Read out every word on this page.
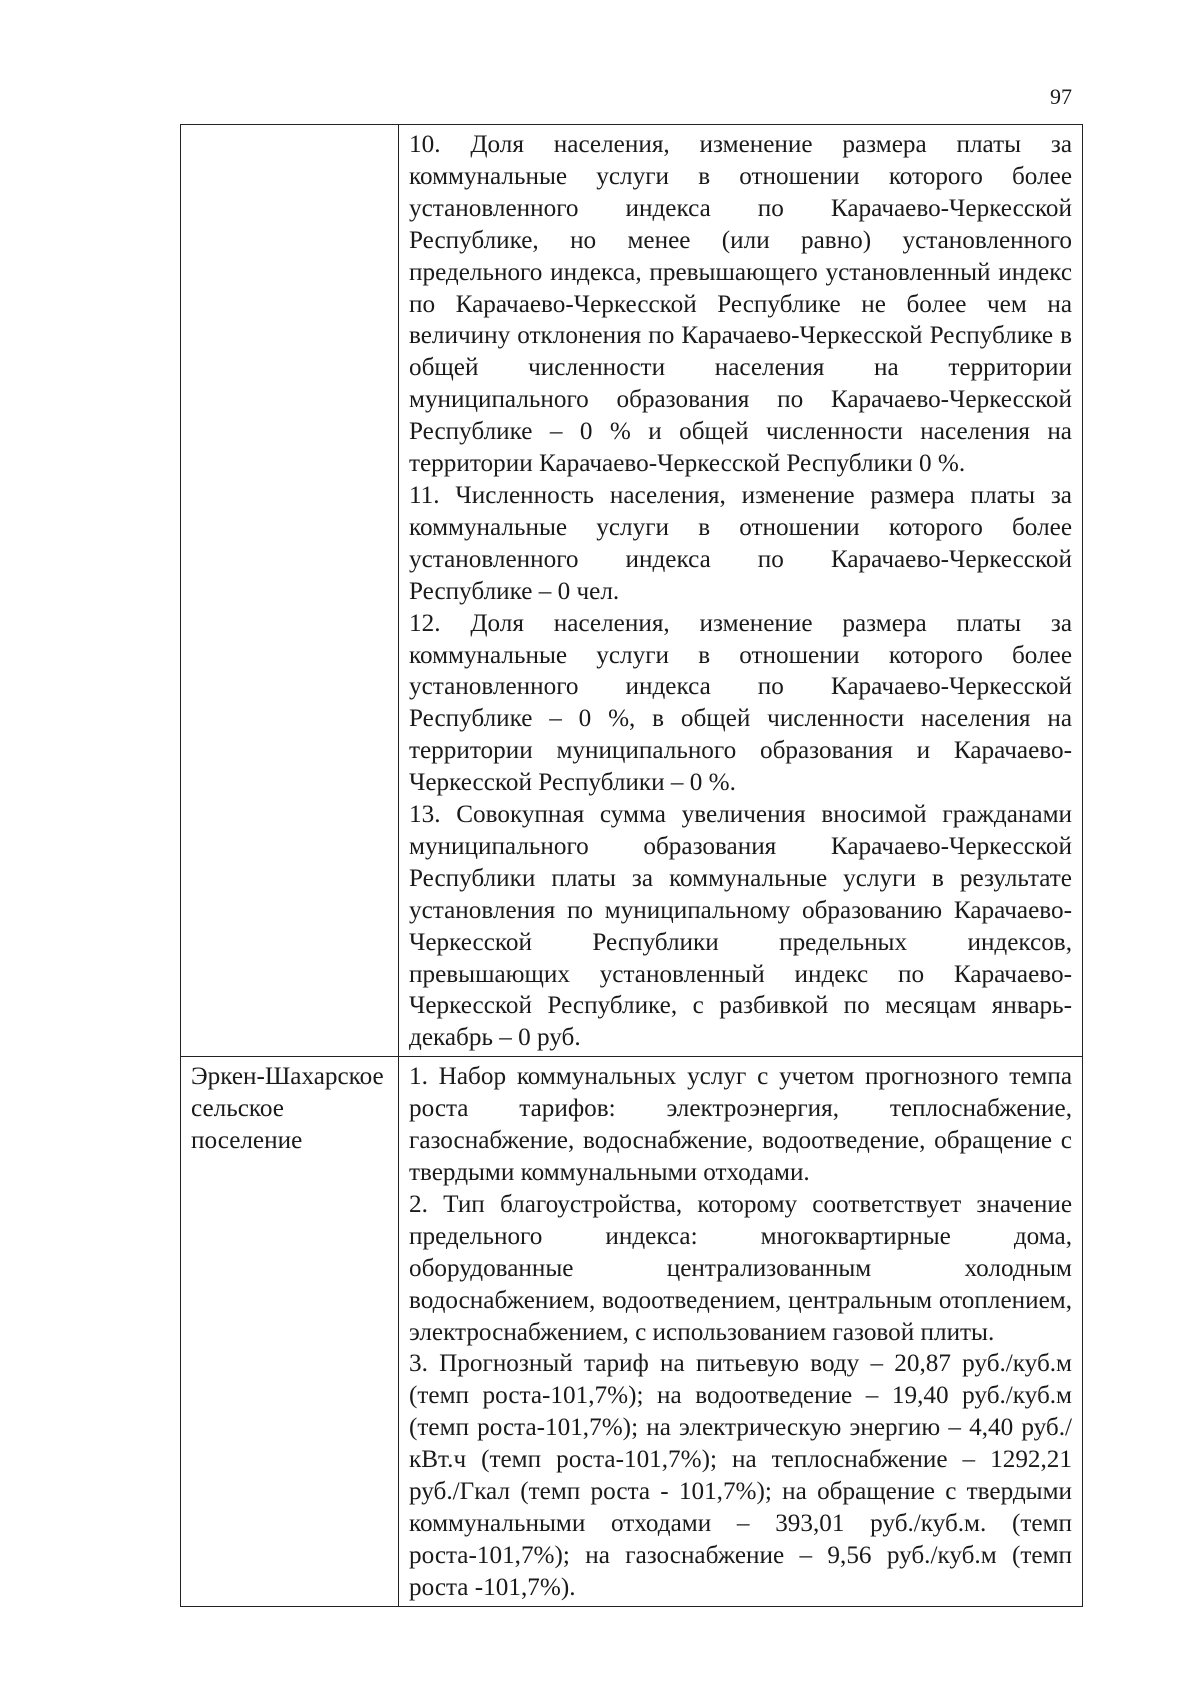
97

	10. Доля населения, изменение размера платы за коммунальные услуги в отношении которого более установленного индекса по Карачаево-Черкесской Республике, но менее (или равно) установленного предельного индекса, превышающего установленный индекс по Карачаево-Черкесской Республике не более чем на величину отклонения по Карачаево-Черкесской Республике в общей численности населения на территории муниципального образования по Карачаево-Черкесской Республике – 0 % и общей численности населения на территории Карачаево-Черкесской Республики 0 %.

11. Численность населения, изменение размера платы за коммунальные услуги в отношении которого более установленного индекса по Карачаево-Черкесской Республике – 0 чел.

12. Доля населения, изменение размера платы за коммунальные услуги в отношении которого более установленного индекса по Карачаево-Черкесской Республике – 0 %, в общей численности населения на территории муниципального образования и Карачаево-Черкесской Республики – 0 %.

13. Совокупная сумма увеличения вносимой гражданами муниципального образования Карачаево-Черкесской Республики платы за коммунальные услуги в результате установления по муниципальному образованию Карачаево-Черкесской Республики предельных индексов, превышающих установленный индекс по Карачаево-Черкесской Республике, с разбивкой по месяцам январь-декабрь – 0 руб.

Эркен-Шахарское сельское поселение	1. Набор коммунальных услуг с учетом прогнозного темпа роста тарифов: электроэнергия, теплоснабжение, газоснабжение, водоснабжение, водоотведение, обращение с твердыми коммунальными отходами.

2. Тип благоустройства, которому соответствует значение предельного индекса: многоквартирные дома, оборудованные централизованным холодным водоснабжением, водоотведением, центральным отоплением, электроснабжением, с использованием газовой плиты.

3. Прогнозный тариф на питьевую воду – 20,87 руб./куб.м (темп роста-101,7%); на водоотведение – 19,40 руб./куб.м (темп роста-101,7%); на электрическую энергию – 4,40 руб./кВт.ч (темп роста-101,7%); на теплоснабжение – 1292,21 руб./Гкал (темп роста - 101,7%); на обращение с твердыми коммунальными отходами – 393,01 руб./куб.м. (темп роста-101,7%); на газоснабжение – 9,56 руб./куб.м (темп роста -101,7%).
